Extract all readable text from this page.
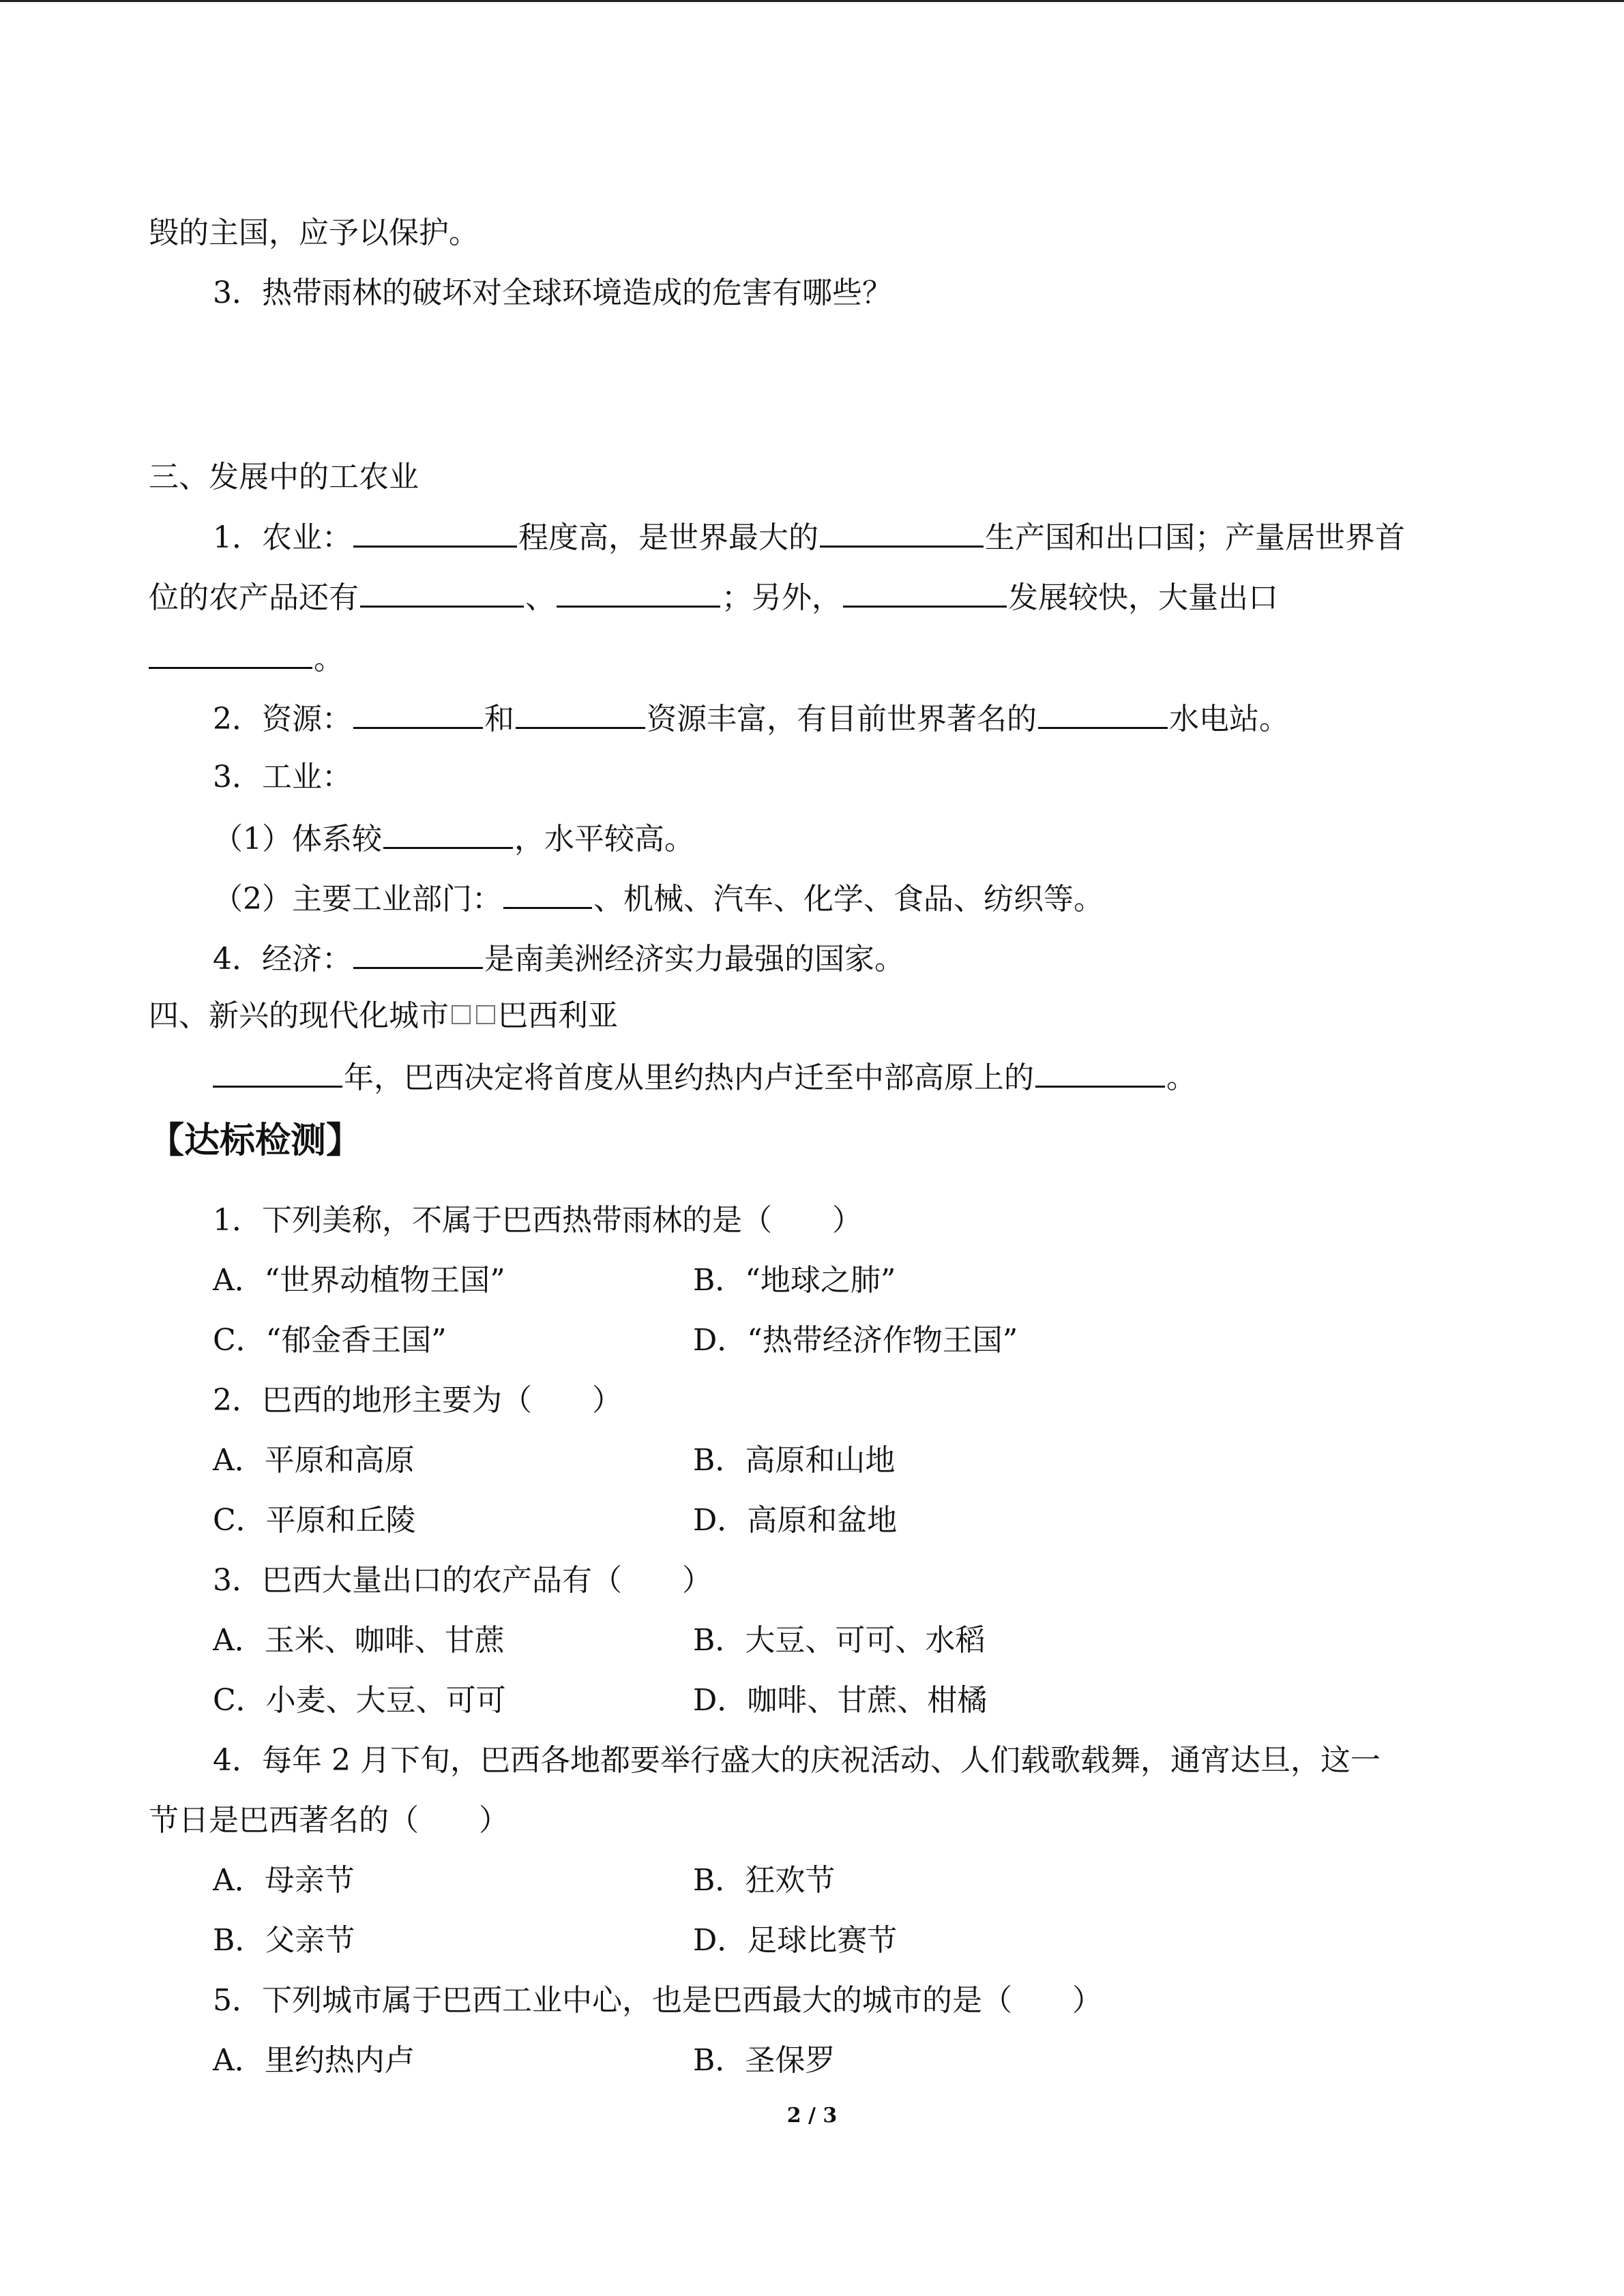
毁的主国，应予以保护。
3．热带雨林的破坏对全球环境造成的危害有哪些？
三、发展中的工农业
1．农业：	程度高，是世界最大的	生产国和出口国；产量居世界首
位的农产品还有	、	；另外，	发展较快，大量出口
。
2．资源：	和	资源丰富，有目前世界著名的	水电站。
3．工业：
（1）体系较	，水平较高。
（2）主要工业部门：	、机械、汽车、化学、食品、纺织等。
4．经济：	是南美洲经济实力最强的国家。
四、新兴的现代化城市 巴西利亚
年，巴西决定将首度从里约热内卢迁至中部高原上的	。
【达标检测】
1．下列美称，不属于巴西热带雨林的是（　　）
A．“世界动植物王国”	B．“地球之肺”
C．“郁金香王国”	D．“热带经济作物王国”
2．巴西的地形主要为（　　）
A．平原和高原	B．高原和山地
C．平原和丘陵	D．高原和盆地
3．巴西大量出口的农产品有（　　）
A．玉米、咖啡、甘蔗	B．大豆、可可、水稻
C．小麦、大豆、可可	D．咖啡、甘蔗、柑橘
4．每年 2 月下旬，巴西各地都要举行盛大的庆祝活动、人们载歌载舞，通宵达旦，这一
节日是巴西著名的（　　）
A．母亲节	B．狂欢节
B．父亲节	D．足球比赛节
5．下列城市属于巴西工业中心，也是巴西最大的城市的是（　　）
A．里约热内卢	B．圣保罗
2 / 3
